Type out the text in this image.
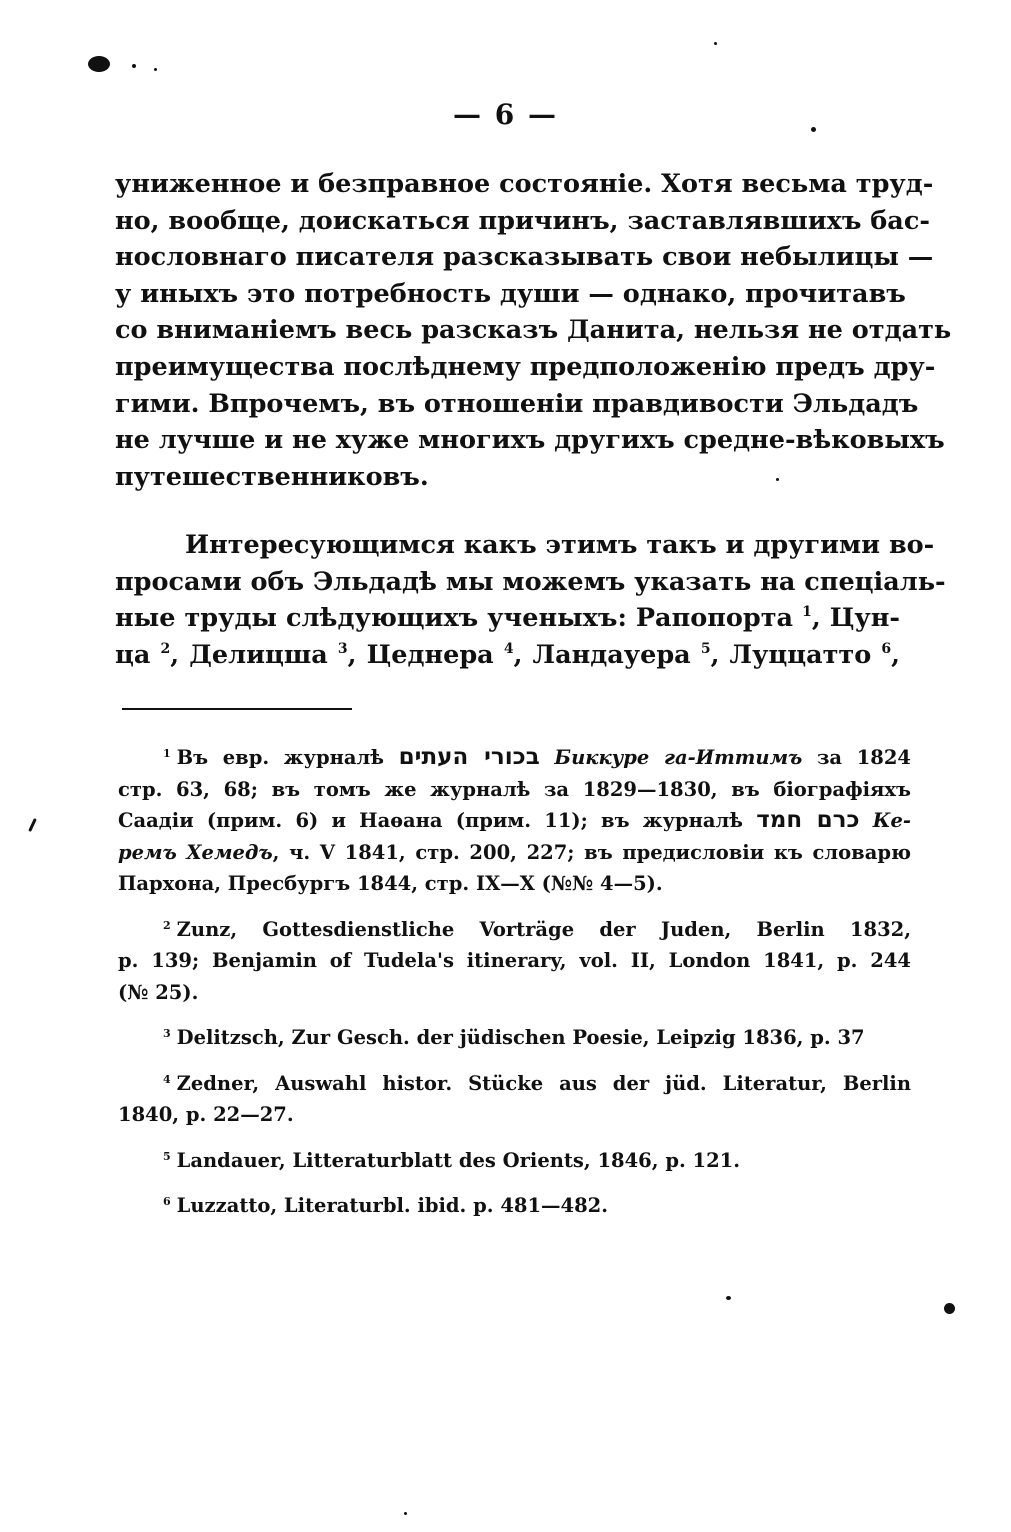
— 6 —
униженное и безправное состоянiе. Хотя весьма труд-
но, вообще, доискаться причинъ, заставлявшихъ бас-
нословнаго писателя разсказывать свои небылицы —
у иныхъ это потребность души — однако, прочитавъ
со вниманiемъ весь разсказъ Данита, нельзя не отдать
преимущества послѣднему предположенiю предъ дру-
гими. Впрочемъ, въ отношенiи правдивости Эльдадъ
не лучше и не хуже многихъ другихъ средне-вѣковыхъ
путешественниковъ.
Интересующимся какъ этимъ такъ и другими во-
просами объ Эльдадѣ мы можемъ указать на спецiаль-
ные труды слѣдующихъ ученыхъ: Рапопорта $^1$, Цун-
ца $^2$, Делицша $^3$, Цеднера $^4$, Ландауера $^5$, Луццатто $^6$,
$^1$ Въ евр. журналѣ בכורי העתים Биккуре га-Иттимъ за 1824
стр. 63, 68; въ томъ же журналѣ за 1829—1830, въ бiографiяхъ
Саадiи (прим. 6) и Наѳана (прим. 11); въ журналѣ כרם חמד Ке-
ремъ Хемедъ, ч. V 1841, стр. 200, 227; въ предисловiи къ словарю
Пархона, Пресбургъ 1844, стр. IX—X (№№ 4—5).
$^2$ Zunz, Gottesdienstliche Vorträge der Juden, Berlin 1832,
p. 139; Benjamin of Tudela's itinerary, vol. II, London 1841, p. 244
(№ 25).
$^3$ Delitzsch, Zur Gesch. der jüdischen Poesie, Leipzig 1836, p. 37
$^4$ Zedner, Auswahl histor. Stücke aus der jüd. Literatur, Berlin
1840, p. 22—27.
$^5$ Landauer, Litteraturblatt des Orients, 1846, p. 121.
$^6$ Luzzatto, Literaturbl. ibid. p. 481—482.
